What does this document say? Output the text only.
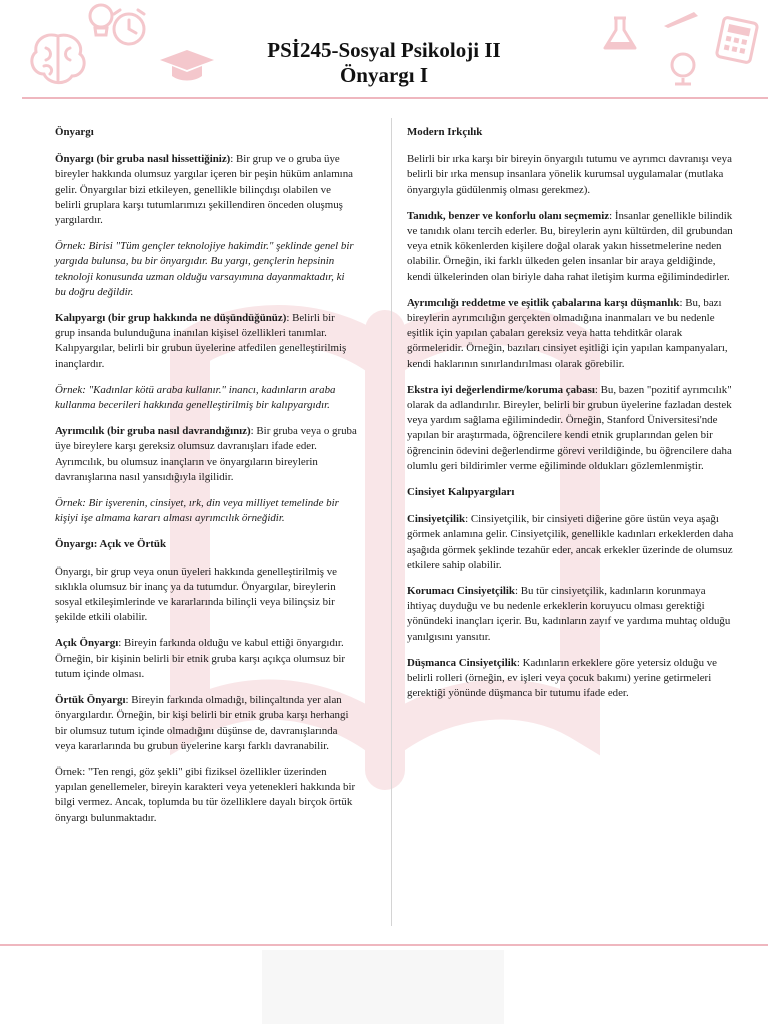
PSİ245-Sosyal Psikoloji II
Önyargı I
Önyargı

Önyargı (bir gruba nasıl hissettiğiniz): Bir grup ve o gruba üye bireyler hakkında olumsuz yargılar içeren bir peşin hüküm anlamına gelir. Önyargılar bizi etkileyen, genellikle bilinçdışı olabilen ve belirli gruplara karşı tutumlarımızı şekillendiren önceden oluşmuş yargılardır.

Örnek: Birisi "Tüm gençler teknolojiye hakimdir." şeklinde genel bir yargıda bulunsa, bu bir önyargıdır. Bu yargı, gençlerin hepsinin teknoloji konusunda uzman olduğu varsayımına dayanmaktadır, ki bu doğru değildir.

Kalıpyargı (bir grup hakkında ne düşündüğünüz): Belirli bir grup insanda bulunduğuna inanılan kişisel özellikleri tanımlar. Kalıpyargılar, belirli bir grubun üyelerine atfedilen genelleştirilmiş inançlardır.

Örnek: "Kadınlar kötü araba kullanır." inancı, kadınların araba kullanma becerileri hakkında genelleştirilmiş bir kalıpyargıdır.

Ayrımcılık (bir gruba nasıl davrandığınız): Bir gruba veya o gruba üye bireylere karşı gereksiz olumsuz davranışları ifade eder. Ayrımcılık, bu olumsuz inançların ve önyargıların bireylerin davranışlarına nasıl yansıdığıyla ilgilidir.

Örnek: Bir işverenin, cinsiyet, ırk, din veya milliyet temelinde bir kişiyi işe almama kararı alması ayrımcılık örneğidir.

Önyargı: Açık ve Örtük

Önyargı, bir grup veya onun üyeleri hakkında genelleştirilmiş ve sıklıkla olumsuz bir inanç ya da tutumdur. Önyargılar, bireylerin sosyal etkileşimlerinde ve kararlarında bilinçli veya bilinçsiz bir şekilde etkili olabilir.

Açık Önyargı: Bireyin farkında olduğu ve kabul ettiği önyargıdır. Örneğin, bir kişinin belirli bir etnik gruba karşı açıkça olumsuz bir tutum içinde olması.

Örtük Önyargı: Bireyin farkında olmadığı, bilinçaltında yer alan önyargılardır. Örneğin, bir kişi belirli bir etnik gruba karşı herhangi bir olumsuz tutum içinde olmadığını düşünse de, davranışlarında veya kararlarında bu grubun üyelerine karşı farklı davranabilir.

Örnek: "Ten rengi, göz şekli" gibi fiziksel özellikler üzerinden yapılan genellemeler, bireyin karakteri veya yetenekleri hakkında bir bilgi vermez. Ancak, toplumda bu tür özelliklere dayalı birçok örtük önyargı bulunmaktadır.

Modern Irkçılık

Belirli bir ırka karşı bir bireyin önyargılı tutumu ve ayrımcı davranışı veya belirli bir ırka mensup insanlara yönelik kurumsal uygulamalar (mutlaka önyargıyla güdülenmiş olması gerekmez).

Tanıdık, benzer ve konforlu olanı seçmemiz: İnsanlar genellikle bilindik ve tanıdık olanı tercih ederler. Bu, bireylerin aynı kültürden, dil grubundan veya etnik kökenlerden kişilere doğal olarak yakın hissetmelerine neden olabilir. Örneğin, iki farklı ülkeden gelen insanlar bir araya geldiğinde, kendi ülkelerinden olan biriyle daha rahat iletişim kurma eğilimindedirler.

Ayrımcılığı reddetme ve eşitlik çabalarına karşı düşmanlık: Bu, bazı bireylerin ayrımcılığın gerçekten olmadığına inanmaları ve bu nedenle eşitlik için yapılan çabaları gereksiz veya hatta tehditkâr olarak görmeleridir. Örneğin, bazıları cinsiyet eşitliği için yapılan kampanyaları, kendi haklarının sınırlandırılması olarak görebilir.

Ekstra iyi değerlendirme/koruma çabası: Bu, bazen "pozitif ayrımcılık" olarak da adlandırılır. Bireyler, belirli bir grubun üyelerine fazladan destek veya yardım sağlama eğilimindedir. Örneğin, Stanford Üniversitesi'nde yapılan bir araştırmada, öğrencilere kendi etnik gruplarından gelen bir öğrencinin ödevini değerlendirme görevi verildiğinde, bu öğrencilere daha olumlu geri bildirimler verme eğiliminde oldukları gözlemlenmiştir.

Cinsiyet Kalıpyargıları

Cinsiyetçilik: Cinsiyetçilik, bir cinsiyeti diğerine göre üstün veya aşağı görmek anlamına gelir. Cinsiyetçilik, genellikle kadınları erkeklerden daha aşağıda görmek şeklinde tezahür eder, ancak erkekler üzerinde de olumsuz etkilere sahip olabilir.

Korumacı Cinsiyetçilik: Bu tür cinsiyetçilik, kadınların korunmaya ihtiyaç duyduğu ve bu nedenle erkeklerin koruyucu olması gerektiği yönündeki inançları içerir. Bu, kadınların zayıf ve yardıma muhtaç olduğu yanılgısını yansıtır.

Düşmanca Cinsiyetçilik: Kadınların erkeklere göre yetersiz olduğu ve belirli rolleri (örneğin, ev işleri veya çocuk bakımı) yerine getirmeleri gerektiği yönünde düşmanca bir tutumu ifade eder.
